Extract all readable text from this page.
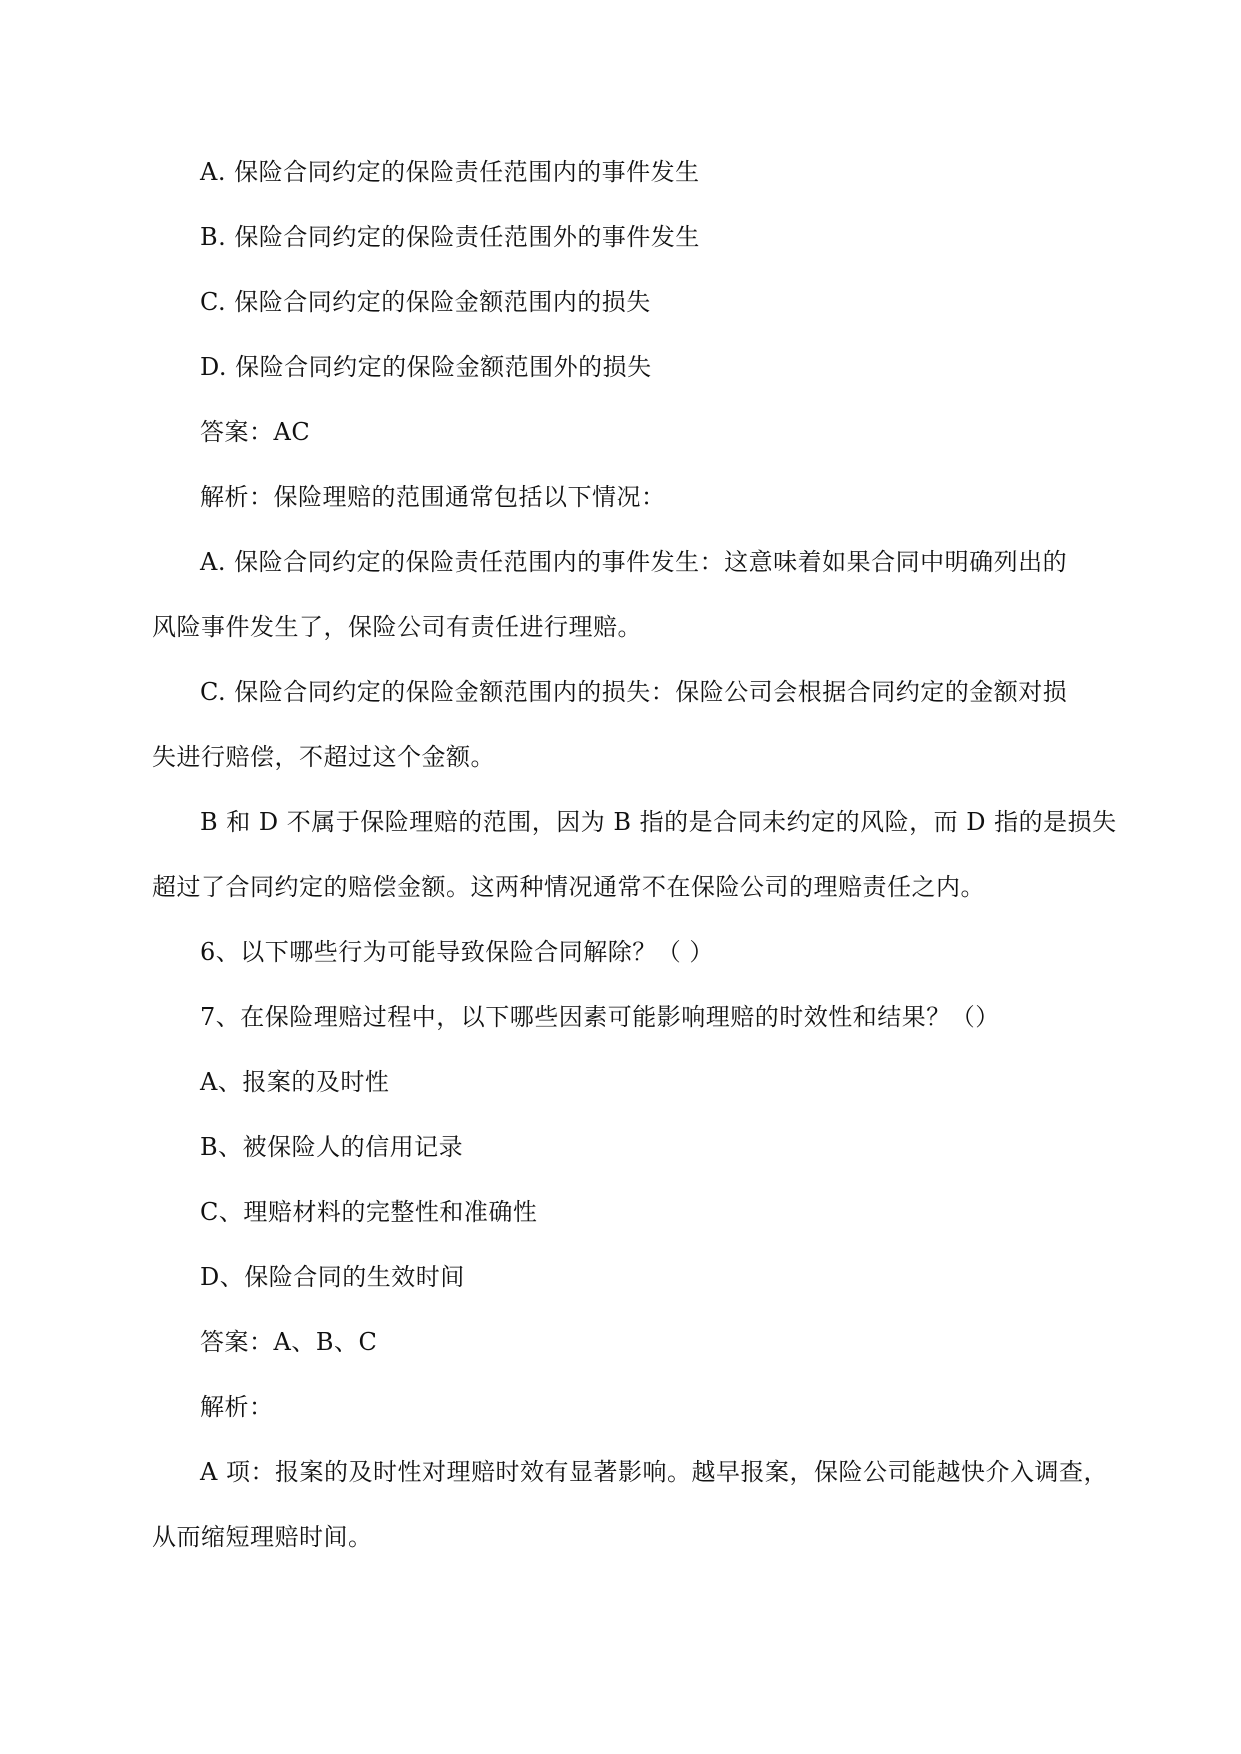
A. 保险合同约定的保险责任范围内的事件发生
B. 保险合同约定的保险责任范围外的事件发生
C. 保险合同约定的保险金额范围内的损失
D. 保险合同约定的保险金额范围外的损失
答案：AC
解析：保险理赔的范围通常包括以下情况：
A. 保险合同约定的保险责任范围内的事件发生：这意味着如果合同中明确列出的
风险事件发生了，保险公司有责任进行理赔。
C. 保险合同约定的保险金额范围内的损失：保险公司会根据合同约定的金额对损
失进行赔偿，不超过这个金额。
B 和 D 不属于保险理赔的范围，因为 B 指的是合同未约定的风险，而 D 指的是损失
超过了合同约定的赔偿金额。这两种情况通常不在保险公司的理赔责任之内。
6、以下哪些行为可能导致保险合同解除？（ ）
7、在保险理赔过程中，以下哪些因素可能影响理赔的时效性和结果？（）
A、报案的及时性
B、被保险人的信用记录
C、理赔材料的完整性和准确性
D、保险合同的生效时间
答案：A、B、C
解析：
A 项：报案的及时性对理赔时效有显著影响。越早报案，保险公司能越快介入调查，
从而缩短理赔时间。
